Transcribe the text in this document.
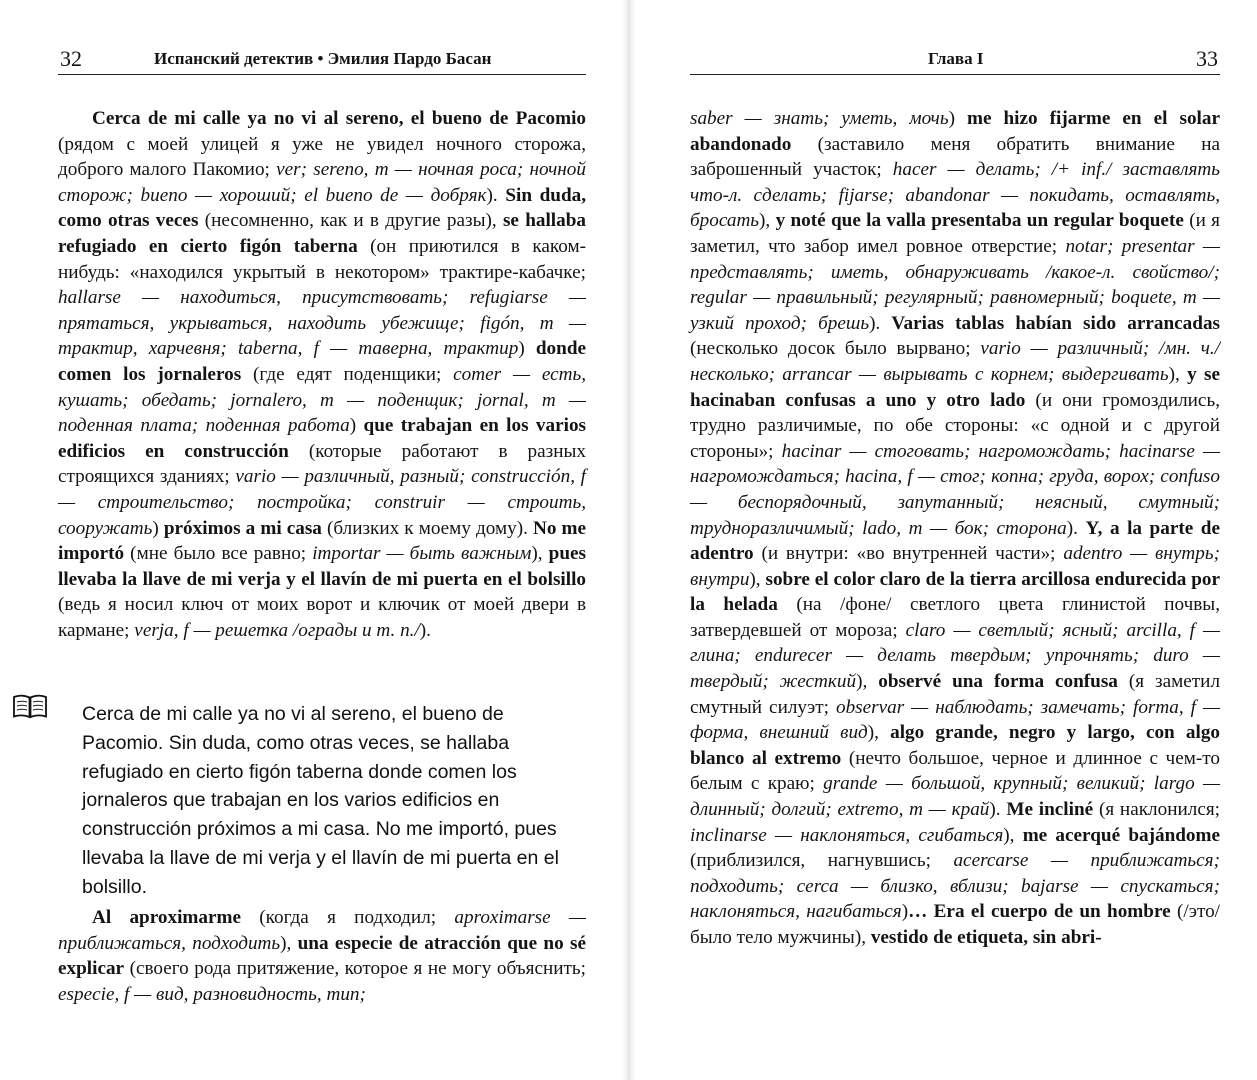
32	Испанский детектив • Эмилия Пардо Басан

Cerca de mi calle ya no vi al sereno, el bueno de Pacomio (рядом с моей улицей я уже не увидел ночного сторожа, доброго малого Пакомио; ver; sereno, m — ночная роса; ночной сторож; bueno — хороший; el bueno de — добряк). Sin duda, como otras veces (несомненно, как и в другие разы), se hallaba refugiado en cierto figón taberna (он приютился в каком-нибудь: «находился укрытый в некотором» трактире-кабачке; hallarse — находиться, присутствовать; refugiarse — прятаться, укрываться, находить убежище; figón, m — трактир, харчевня; taberna, f — таверна, трактир) donde comen los jornaleros (где едят поденщики; comer — есть, кушать; обедать; jornalero, m — поденщик; jornal, m — поденная плата; поденная работа) que trabajan en los varios edificios en construcción (которые работают в разных строящихся зданиях; vario — различный, разный; construcción, f — строительство; постройка; construir — строить, сооружать) próximos a mi casa (близких к моему дому). No me importó (мне было все равно; importar — быть важным), pues llevaba la llave de mi verja y el llavín de mi puerta en el bolsillo (ведь я носил ключ от моих ворот и ключик от моей двери в кармане; verja, f — решетка /ограды и т. п./).

Cerca de mi calle ya no vi al sereno, el bueno de Pacomio. Sin duda, como otras veces, se hallaba refugiado en cierto figón taberna donde comen los jornaleros que trabajan en los varios edificios en construcción próximos a mi casa. No me importó, pues llevaba la llave de mi verja y el llavín de mi puerta en el bolsillo.

Al aproximarme (когда я подходил; aproximarse — приближаться, подходить), una especie de atracción que no sé explicar (своего рода притяжение, которое я не могу объяснить; especie, f — вид, разновидность, тип;

Глава I	33

saber — знать; уметь, мочь) me hizo fijarme en el solar abandonado (заставило меня обратить внимание на заброшенный участок; hacer — делать; /+ inf./ заставлять что-л. сделать; fijarse; abandonar — покидать, оставлять, бросать), y noté que la valla presentaba un regular boquete (и я заметил, что забор имел ровное отверстие; notar; presentar — представлять; иметь, обнаруживать /какое-л. свойство/; regular — правильный; регулярный; равномерный; boquete, m — узкий проход; брешь). Varias tablas habían sido arrancadas (несколько досок было вырвано; vario — различный; /мн. ч./ несколько; arrancar — вырывать с корнем; выдергивать), y se hacinaban confusas a uno y otro lado (и они громоздились, трудно различимые, по обе стороны: «с одной и с другой стороны»; hacinar — стоговать; нагромождать; hacinarse — нагромождаться; hacina, f — стог; копна; груда, ворох; confuso — беспорядочный, запутанный; неясный, смутный; трудноразличимый; lado, m — бок; сторона). Y, a la parte de adentro (и внутри: «во внутренней части»; adentro — внутрь; внутри), sobre el color claro de la tierra arcillosa endurecida por la helada (на /фоне/ светлого цвета глинистой почвы, затвердевшей от мороза; claro — светлый; ясный; arcilla, f — глина; endurecer — делать твердым; упрочнять; duro — твердый; жесткий), observé una forma confusa (я заметил смутный силуэт; observar — наблюдать; замечать; forma, f — форма, внешний вид), algo grande, negro y largo, con algo blanco al extremo (нечто большое, черное и длинное с чем-то белым с краю; grande — большой, крупный; великий; largo — длинный; долгий; extremo, m — край). Me incliné (я наклонился; inclinarse — наклоняться, сгибаться), me acerqué bajándome (приблизился, нагнувшись; acercarse — приближаться; подходить; cerca — близко, вблизи; bajarse — спускаться; наклоняться, нагибаться)… Era el cuerpo de un hombre (/это/ было тело мужчины), vestido de etiqueta, sin abri-
